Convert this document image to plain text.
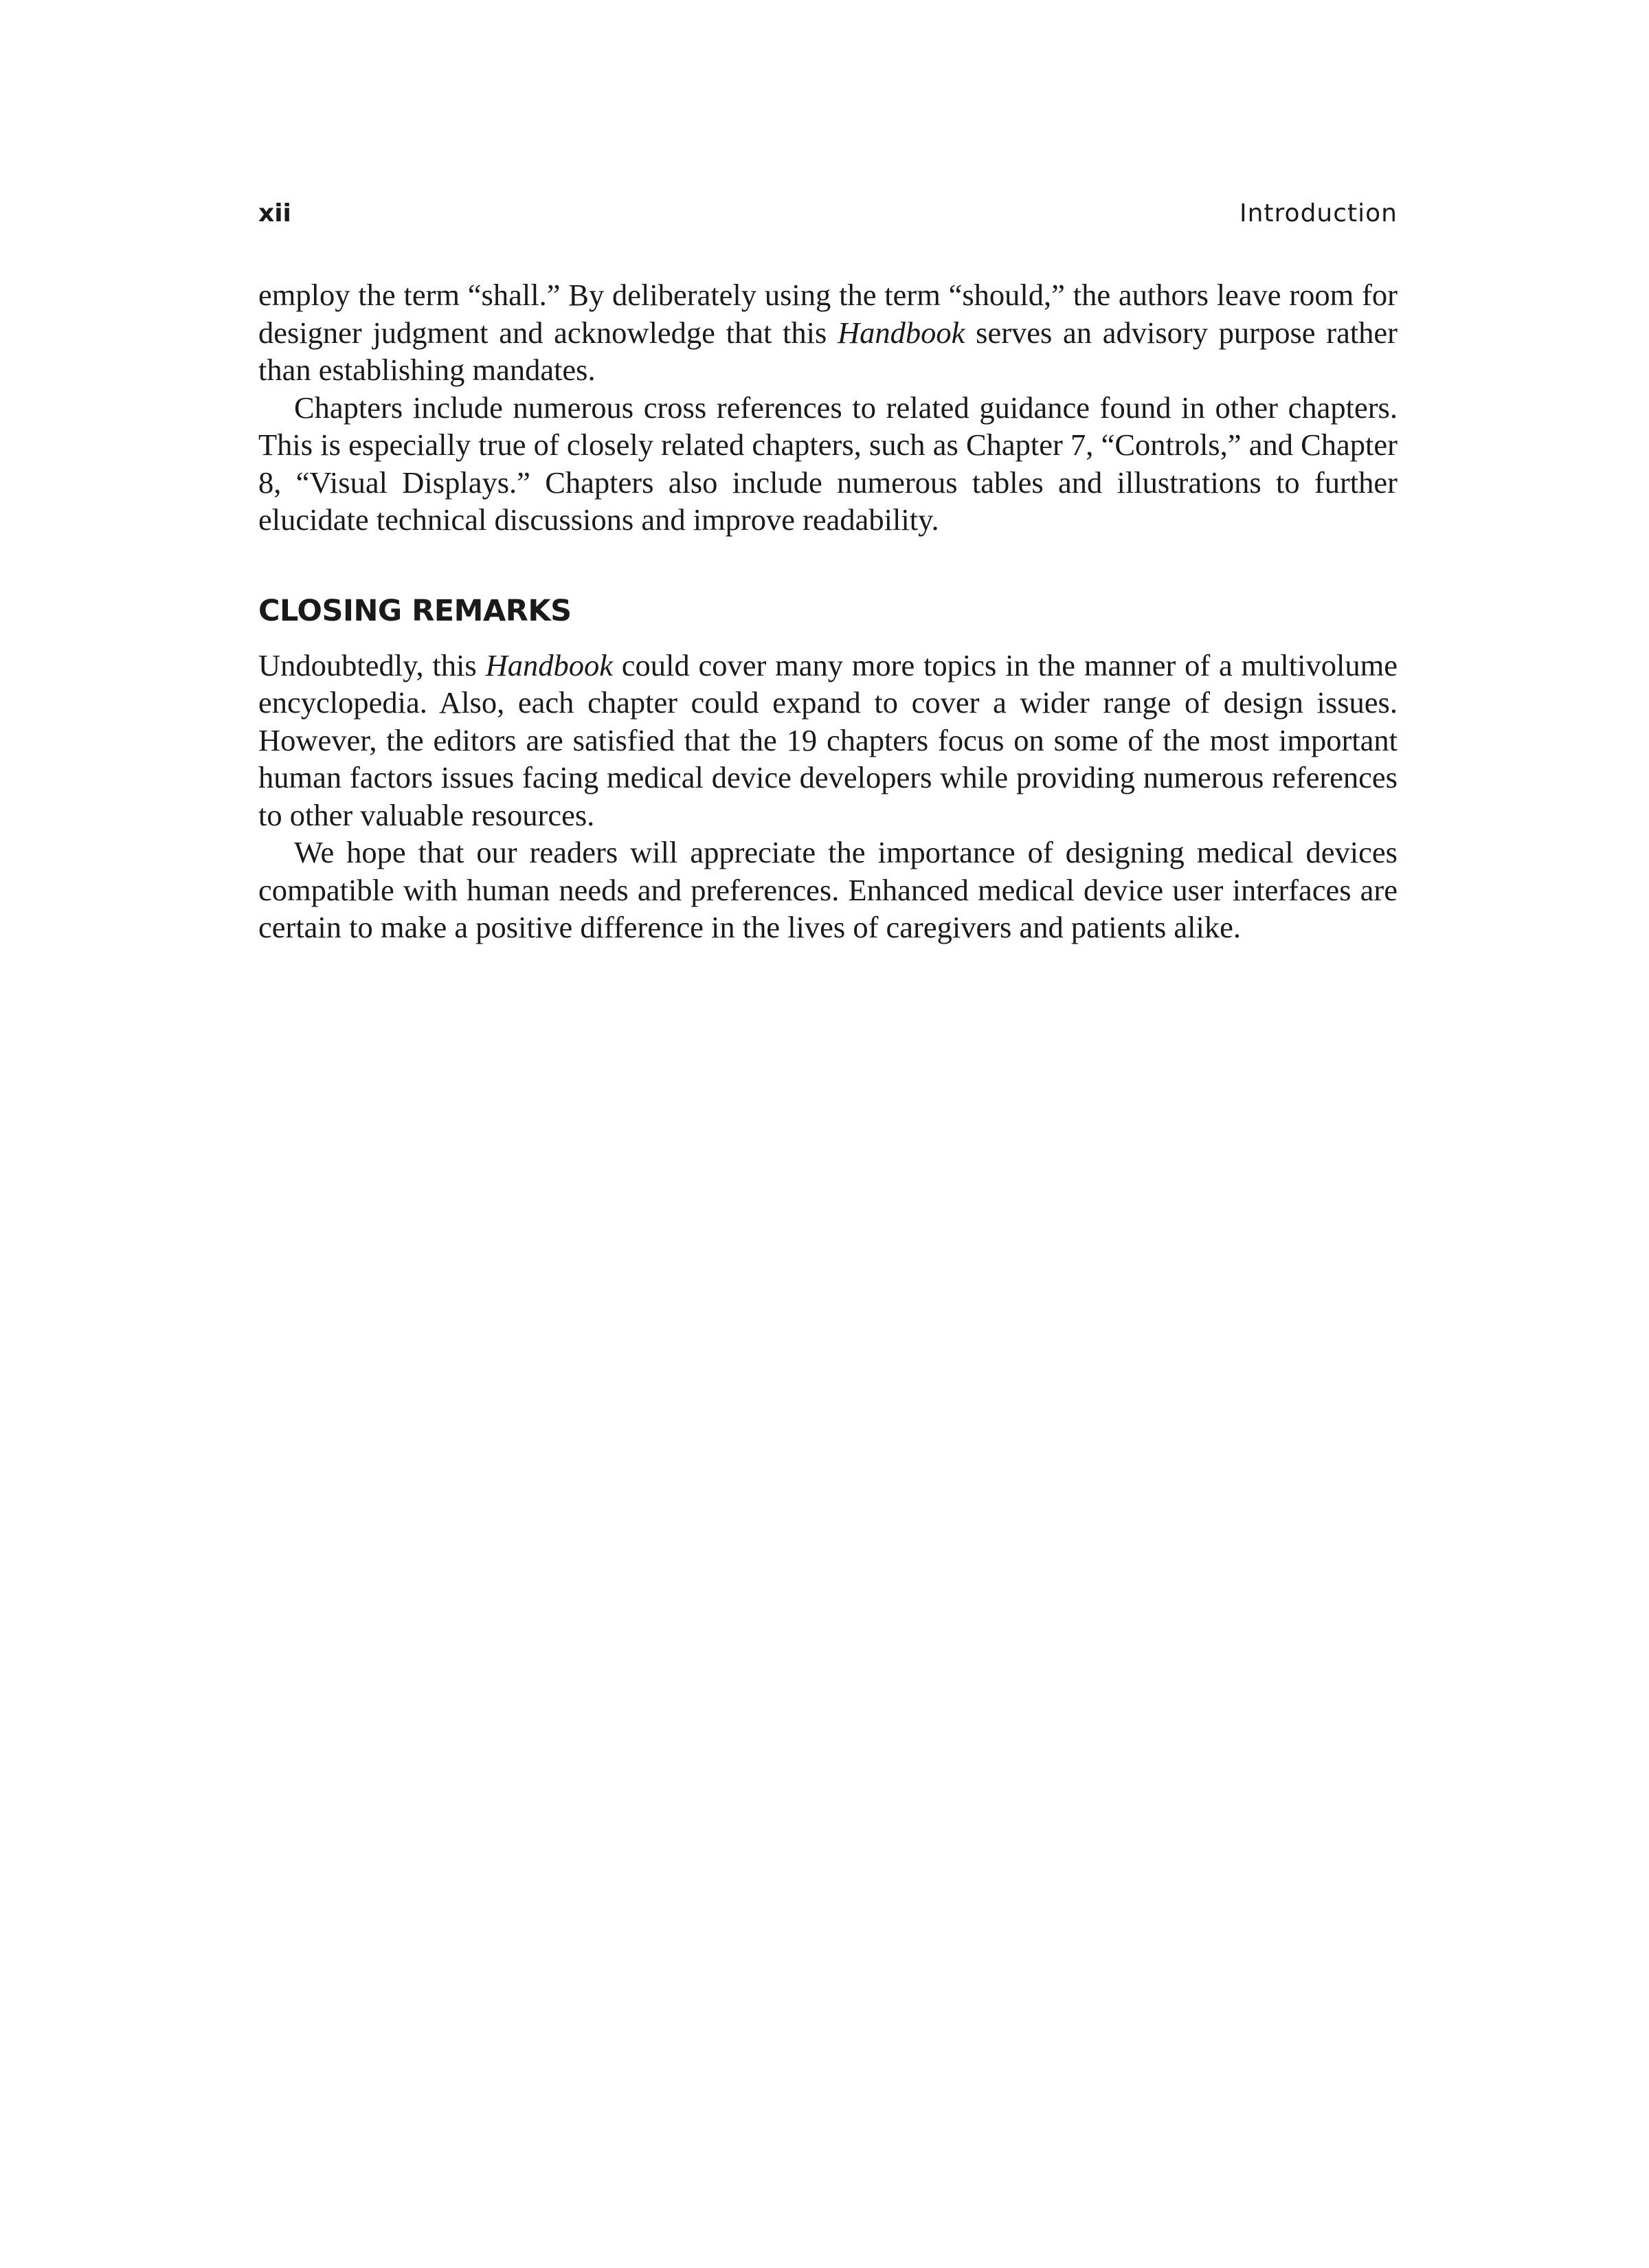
xii	Introduction

employ the term “shall.” By deliberately using the term “should,” the authors leave room for designer judgment and acknowledge that this Handbook serves an advisory purpose rather than establishing mandates.

Chapters include numerous cross references to related guidance found in other chapters. This is especially true of closely related chapters, such as Chapter 7, “Controls,” and Chapter 8, “Visual Displays.” Chapters also include numerous tables and illustrations to further elucidate technical discussions and improve readability.

CLOSING REMARKS

Undoubtedly, this Handbook could cover many more topics in the manner of a multivolume encyclopedia. Also, each chapter could expand to cover a wider range of design issues. However, the editors are satisfied that the 19 chapters focus on some of the most important human factors issues facing medical device developers while providing numerous references to other valuable resources.

We hope that our readers will appreciate the importance of designing medical devices compatible with human needs and preferences. Enhanced medical device user interfaces are certain to make a positive difference in the lives of caregivers and patients alike.
